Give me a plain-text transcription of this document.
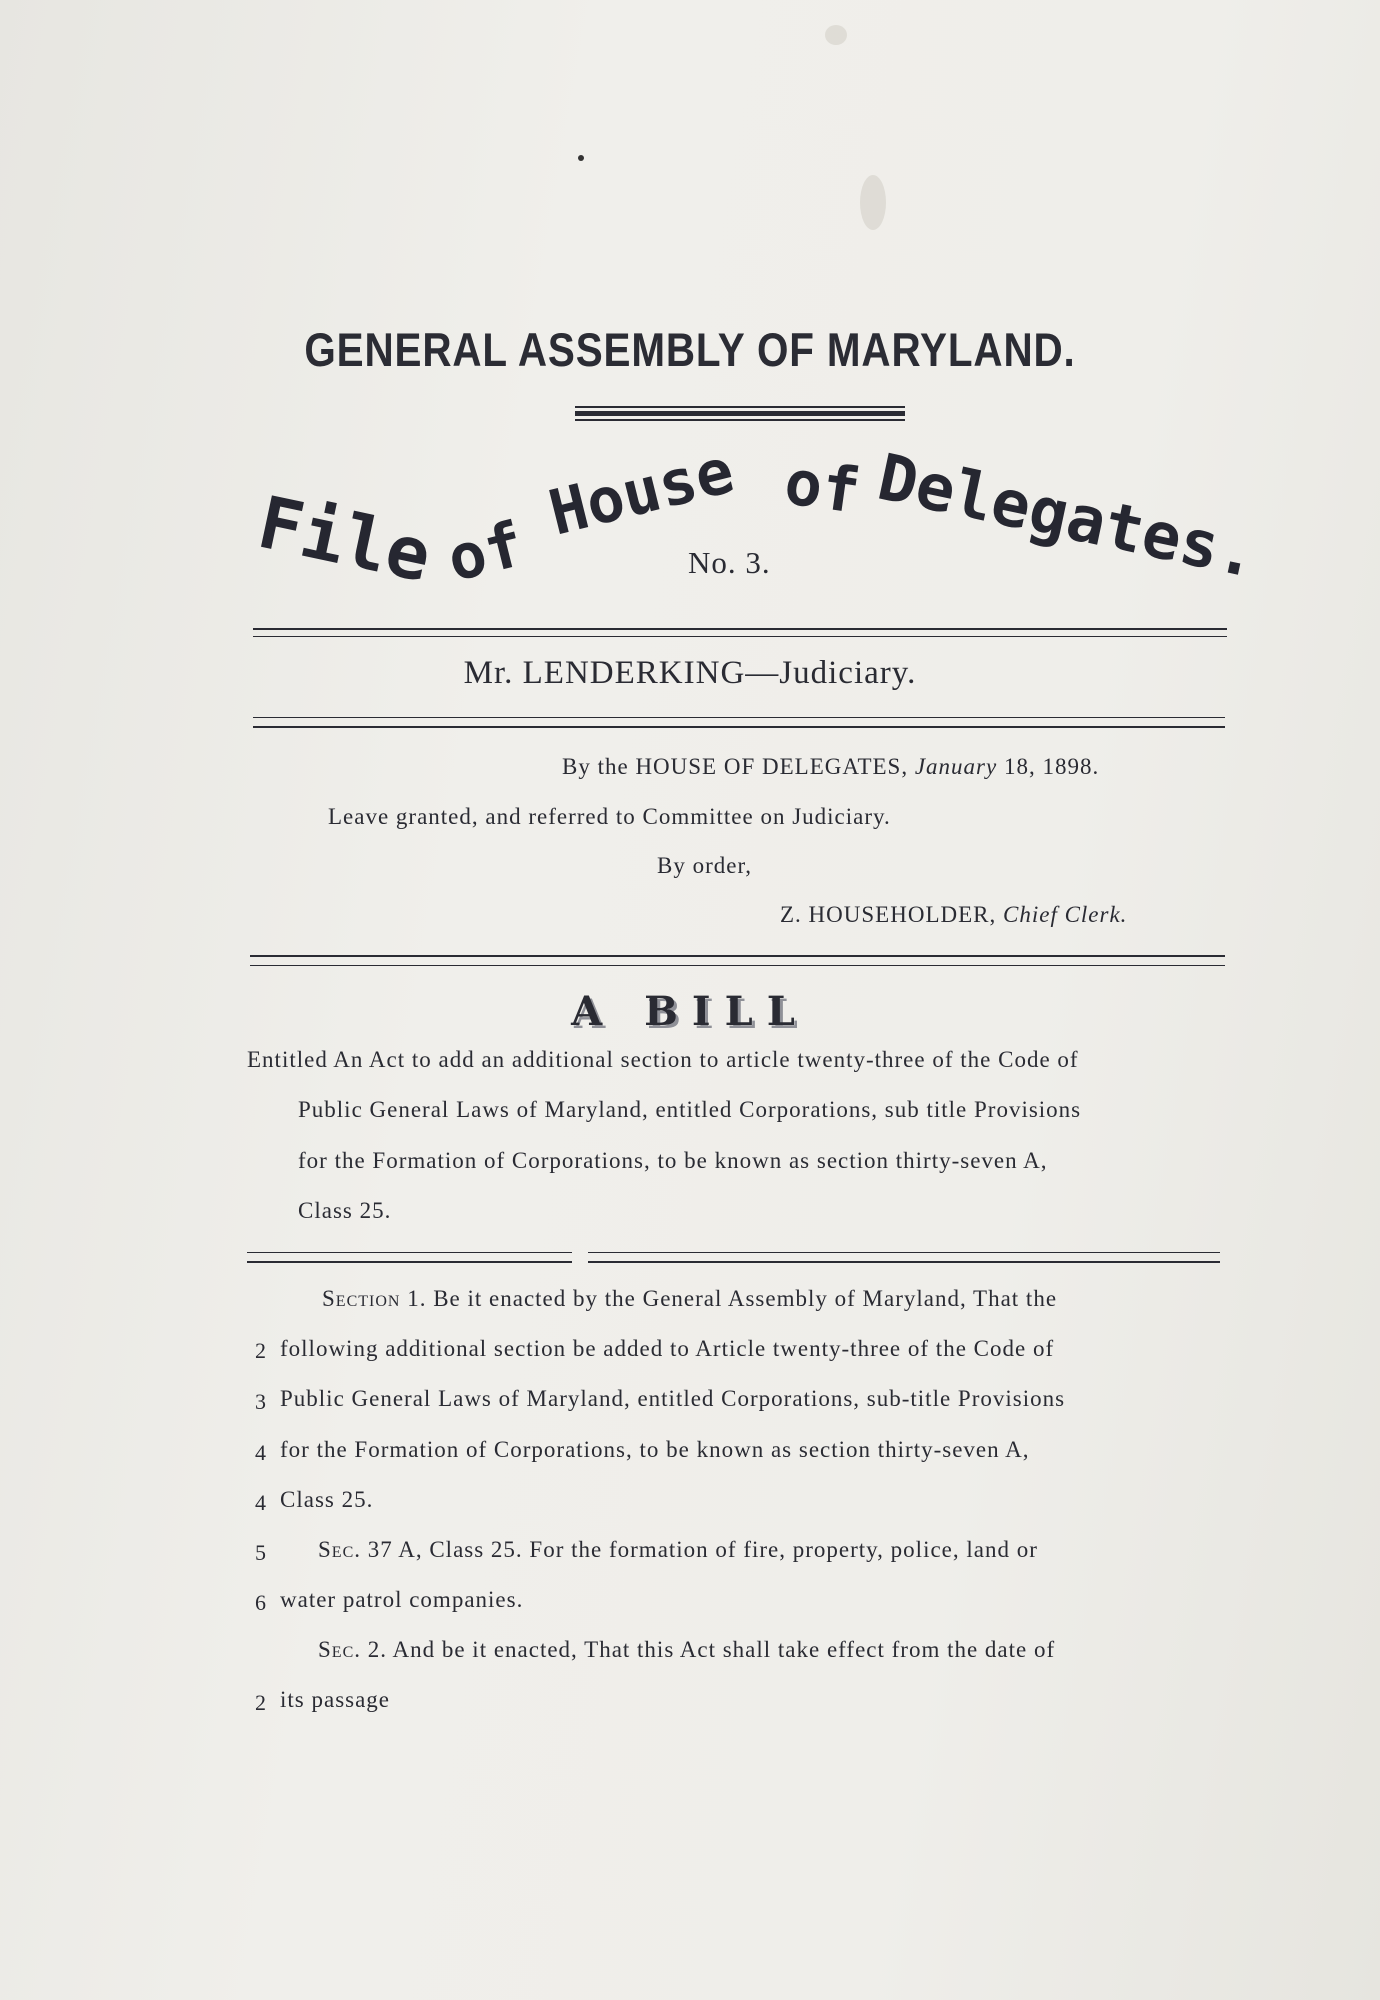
GENERAL ASSEMBLY OF MARYLAND.
File of
House of Delegates.
No. 3.
Mr. LENDERKING—Judiciary.
By the HOUSE OF DELEGATES, January 18, 1898.
Leave granted, and referred to Committee on Judiciary.
By order,
Z. HOUSEHOLDER, Chief Clerk.
A BILL
Entitled An Act to add an additional section to article twenty-three of the Code of
Public General Laws of Maryland, entitled Corporations, sub title Provisions
for the Formation of Corporations, to be known as section thirty-seven A,
Class 25.
Section 1. Be it enacted by the General Assembly of Maryland, That the
2 following additional section be added to Article twenty-three of the Code of
3 Public General Laws of Maryland, entitled Corporations, sub-title Provisions
4 for the Formation of Corporations, to be known as section thirty-seven A,
4 Class 25.
5 Sec. 37 A, Class 25. For the formation of fire, property, police, land or
6 water patrol companies.
Sec. 2. And be it enacted, That this Act shall take effect from the date of
2 its passage
